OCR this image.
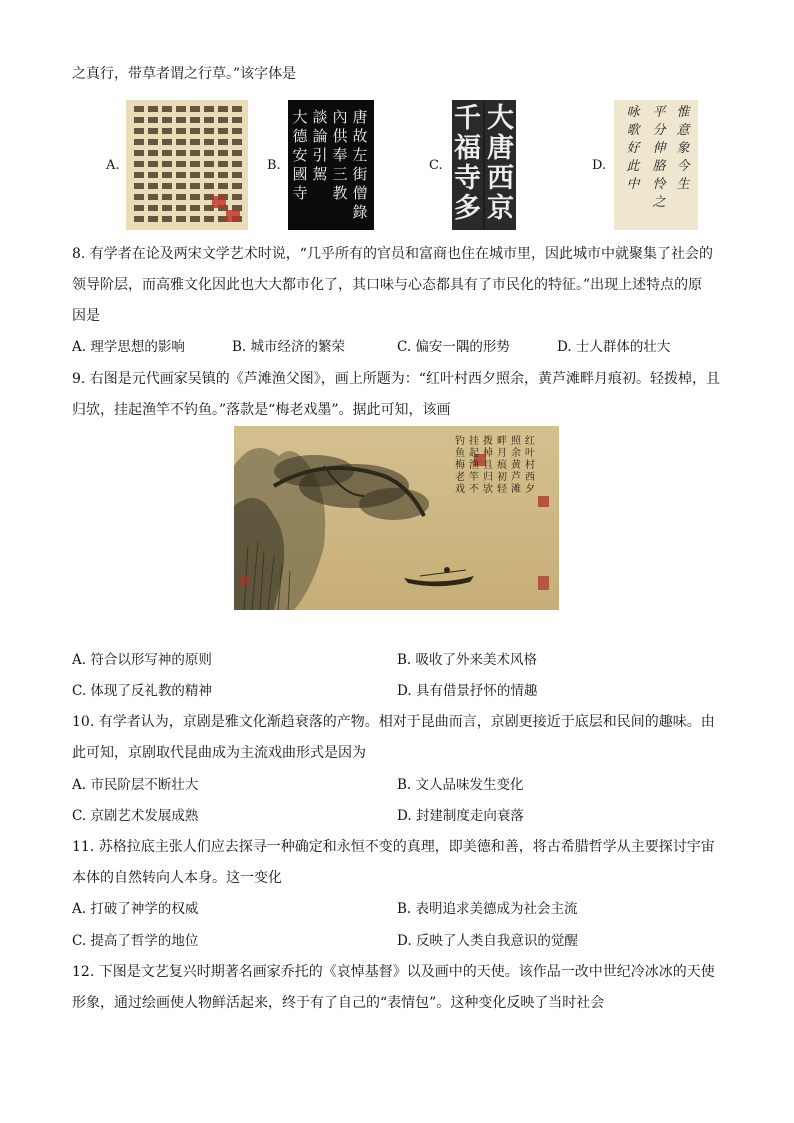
之真行，带草者谓之行草。”该字体是
A.	B.
唐故左街僧錄
內供奉三教
談論引駕
大德安國寺
C.
大唐西京
千福寺多
D.
惟意象今生
平分伸胳怜之
咏歌好此中
8. 有学者在论及两宋文学艺术时说，“几乎所有的官员和富商也住在城市里，因此城市中就聚集了社会的
领导阶层，而高雅文化因此也大大都市化了，其口味与心态都具有了市民化的特征。”出现上述特点的原
因是
A. 理学思想的影响	B. 城市经济的繁荣	C. 偏安一隅的形势	D. 士人群体的壮大
9. 右图是元代画家吴镇的《芦滩渔父图》，画上所题为：“红叶村西夕照余，黄芦滩畔月痕初。轻拨棹，且
归欤，挂起渔竿不钓鱼。”落款是“梅老戏墨”。据此可知，该画
红叶村西夕
照余黄芦滩
畔月痕初轻
拨棹且归欤
挂起渔竿不
钓鱼梅老戏
A. 符合以形写神的原则	B. 吸收了外来美术风格
C. 体现了反礼教的精神	D. 具有借景抒怀的情趣
10. 有学者认为，京剧是雅文化渐趋衰落的产物。相对于昆曲而言，京剧更接近于底层和民间的趣味。由
此可知，京剧取代昆曲成为主流戏曲形式是因为
A. 市民阶层不断壮大	B. 文人品味发生变化
C. 京剧艺术发展成熟	D. 封建制度走向衰落
11. 苏格拉底主张人们应去探寻一种确定和永恒不变的真理，即美德和善，将古希腊哲学从主要探讨宇宙
本体的自然转向人本身。这一变化
A. 打破了神学的权威	B. 表明追求美德成为社会主流
C. 提高了哲学的地位	D. 反映了人类自我意识的觉醒
12. 下图是文艺复兴时期著名画家乔托的《哀悼基督》以及画中的天使。该作品一改中世纪冷冰冰的天使
形象，通过绘画使人物鲜活起来，终于有了自己的“表情包”。这种变化反映了当时社会
